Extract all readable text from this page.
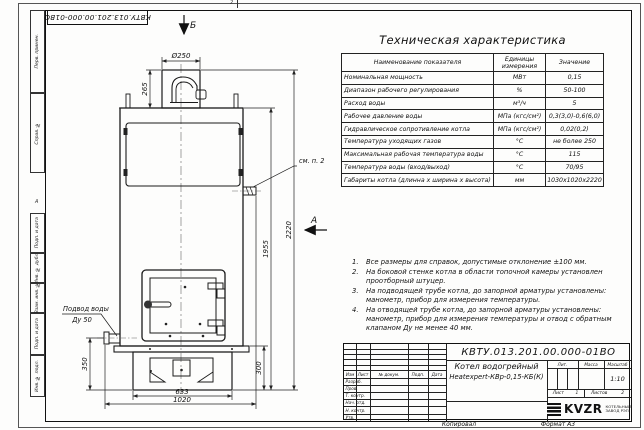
Перв. примен.
Справ. №
Подп. и дата
Инв. № дубл.
Взам. инв. №
Подп. и дата
Инв. № подл.
КВТУ.013.201.00.000-01ВО
2
А
Ø250
265
1955
2220
350	300
633
1020
Б
А
см. п. 2
Подвод воды
Ду 50
Техническая характеристика
Наименование показателя	Единицы измерения	Значение
Номинальная мощность	МВт	0,15
Диапазон рабочего регулирования	%	50-100
Расход воды	м³/ч	5
Рабочее давление воды	МПа (кгс/см²)	0,3(3,0)-0,6(6,0)
Гидравлическое сопротивление котла	МПа (кгс/см²)	0,02(0,2)
Температура уходящих газов	°С	не более 250
Максимальная рабочая температура воды	°С	115
Температура воды (вход/выход)	°С	70/95
Габариты котла (длинна х ширина х высота)	мм	1030х1020х2220
1.	Все размеры для справок, допустимые отклонение ±100 мм.
2.	На боковой стенке котла в области топочной камеры установлен проотборный штуцер.
3.	На подводящей трубе котла, до запорной арматуры установлены: манометр, прибор для измерения температуры.
4.	На отводящей трубе котла, до запорной арматуры установлены: манометр, прибор для измерения температуры и отвод с обратным клапаном Ду не менее 40 мм.
Изм Лист	№ докум.	Подп.	Дата
Разраб.
Пров.
Т. контр.
Нач. отд.
Н. контр.
Утв.
КВТУ.013.201.00.000-01ВО
Котел водогрейный
Heatexpert-КВр-0,15-КБ(К)
Лит.	Масса	Масштаб
1:10
Лист	1	Листов	2
KVZR КОТЕЛЬНЫЙ
ЗАВОД РЭП
Копировал	Формат А3
